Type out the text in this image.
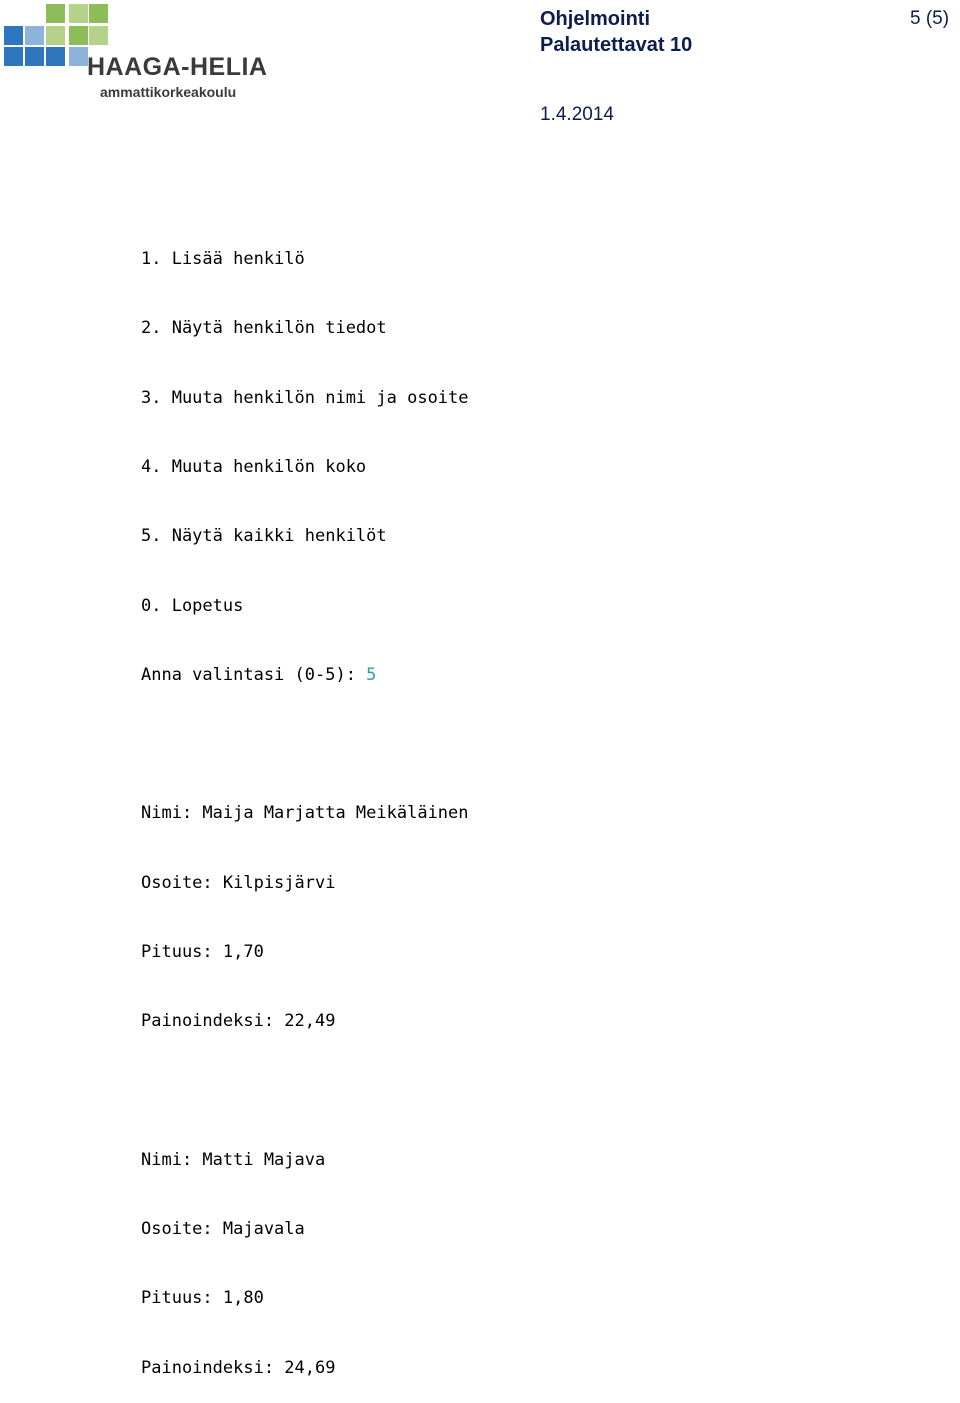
HAAGA-HELIA
ammattikorkeakoulu
Ohjelmointi
Palautettavat 10
5 (5)
1.4.2014

1. Lisää henkilö

2. Näytä henkilön tiedot

3. Muuta henkilön nimi ja osoite

4. Muuta henkilön koko

5. Näytä kaikki henkilöt

0. Lopetus

Anna valintasi (0-5): 5

Nimi: Maija Marjatta Meikäläinen

Osoite: Kilpisjärvi

Pituus: 1,70

Painoindeksi: 22,49

Nimi: Matti Majava

Osoite: Majavala

Pituus: 1,80

Painoindeksi: 24,69
